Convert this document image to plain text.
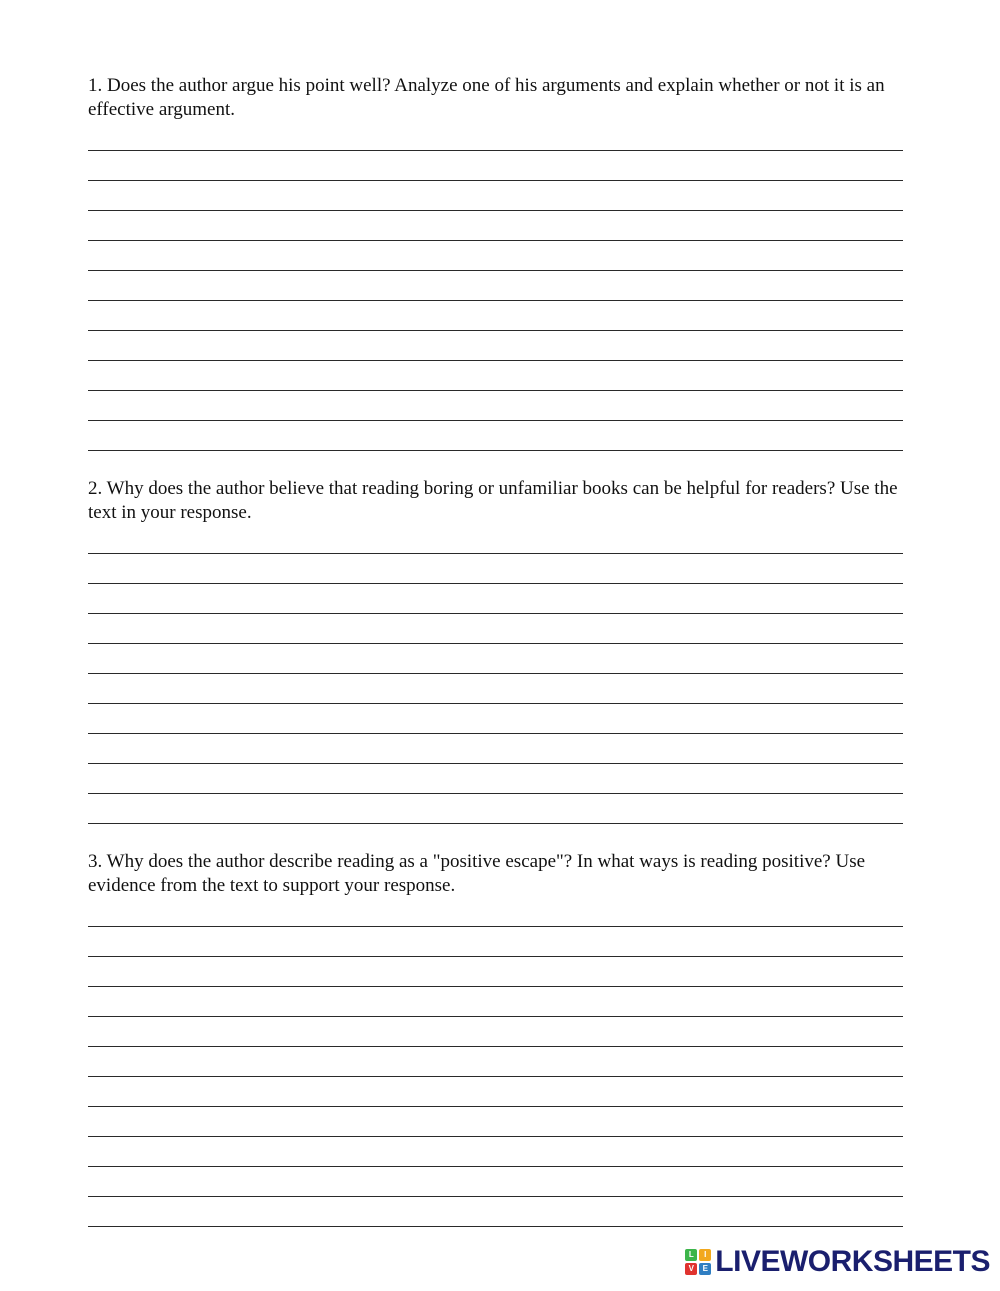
1. Does the author argue his point well? Analyze one of his arguments and explain whether or not it is an effective argument.

2. Why does the author believe that reading boring or unfamiliar books can be helpful for readers? Use the text in your response.

3. Why does the author describe reading as a "positive escape"? In what ways is reading positive? Use evidence from the text to support your response.

L	I
V	E LIVEWORKSHEETS
